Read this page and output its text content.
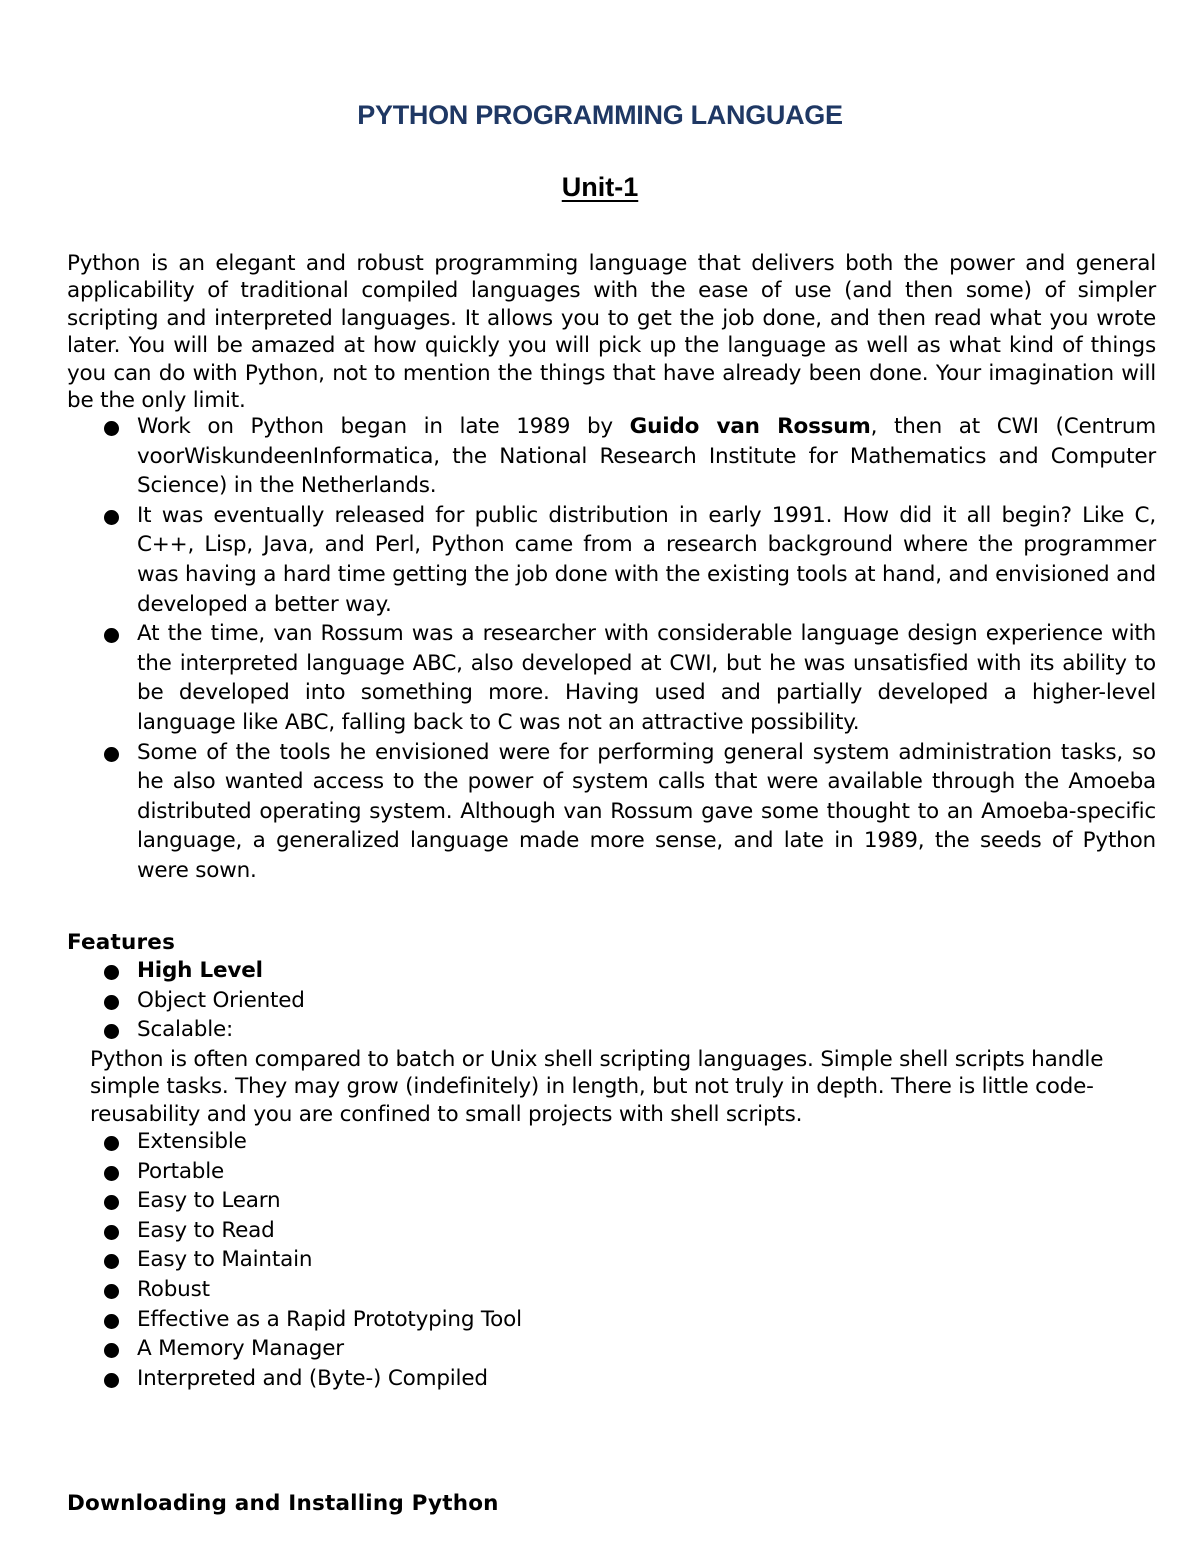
PYTHON PROGRAMMING LANGUAGE
Unit-1

Python is an elegant and robust programming language that delivers both the power and general applicability of traditional compiled languages with the ease of use (and then some) of simpler scripting and interpreted languages. It allows you to get the job done, and then read what you wrote later. You will be amazed at how quickly you will pick up the language as well as what kind of things you can do with Python, not to mention the things that have already been done. Your imagination will be the only limit.

Work on Python began in late 1989 by Guido van Rossum, then at CWI (Centrum voorWiskundeenInformatica, the National Research Institute for Mathematics and Computer Science) in the Netherlands.
It was eventually released for public distribution in early 1991. How did it all begin? Like C, C++, Lisp, Java, and Perl, Python came from a research background where the programmer was having a hard time getting the job done with the existing tools at hand, and envisioned and developed a better way.
At the time, van Rossum was a researcher with considerable language design experience with the interpreted language ABC, also developed at CWI, but he was unsatisfied with its ability to be developed into something more. Having used and partially developed a higher-level language like ABC, falling back to C was not an attractive possibility.
Some of the tools he envisioned were for performing general system administration tasks, so he also wanted access to the power of system calls that were available through the Amoeba distributed operating system. Although van Rossum gave some thought to an Amoeba-specific language, a generalized language made more sense, and late in 1989, the seeds of Python were sown.
Features
High Level
Object Oriented
Scalable:

Python is often compared to batch or Unix shell scripting languages. Simple shell scripts handle simple tasks. They may grow (indefinitely) in length, but not truly in depth. There is little code-reusability and you are confined to small projects with shell scripts.

Extensible
Portable
Easy to Learn
Easy to Read
Easy to Maintain
Robust
Effective as a Rapid Prototyping Tool
A Memory Manager
Interpreted and (Byte-) Compiled
Downloading and Installing Python
